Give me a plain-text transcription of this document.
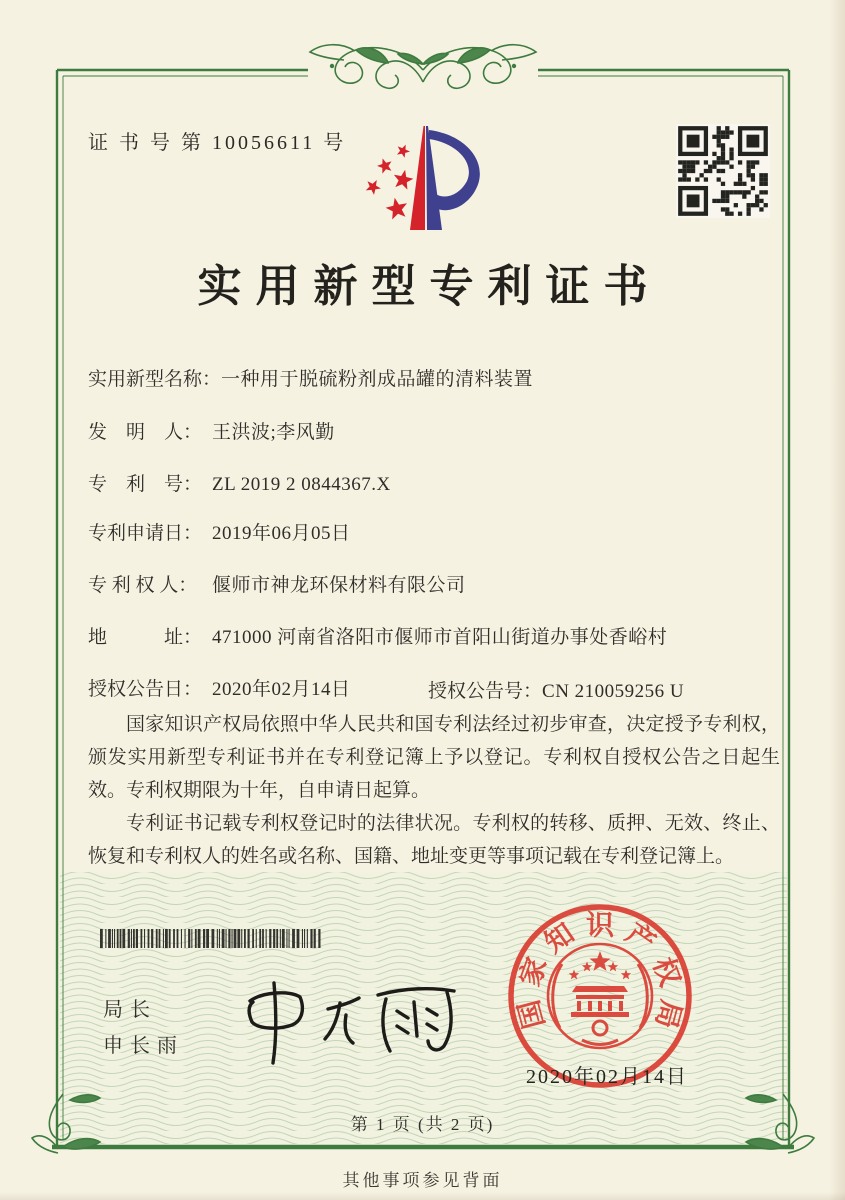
证 书 号 第 10056611 号
实用新型专利证书
实用新型名称：一种用于脱硫粉剂成品罐的清料装置
发　明　人： 王洪波;李风勤
专　利　号： ZL 2019 2 0844367.X
专利申请日： 2019年06月05日
专 利 权 人： 偃师市神龙环保材料有限公司
地　　　址： 471000 河南省洛阳市偃师市首阳山街道办事处香峪村
授权公告日： 2020年02月14日	授权公告号：CN 210059256 U

国家知识产权局依照中华人民共和国专利法经过初步审查，决定授予专利权，颁发实用新型专利证书并在专利登记簿上予以登记。专利权自授权公告之日起生效。专利权期限为十年，自申请日起算。

专利证书记载专利权登记时的法律状况。专利权的转移、质押、无效、终止、恢复和专利权人的姓名或名称、国籍、地址变更等事项记载在专利登记簿上。

局长
申长雨
国
家
知 识 产
权
局
2020年02月14日
第 1 页 (共 2 页)
其他事项参见背面
